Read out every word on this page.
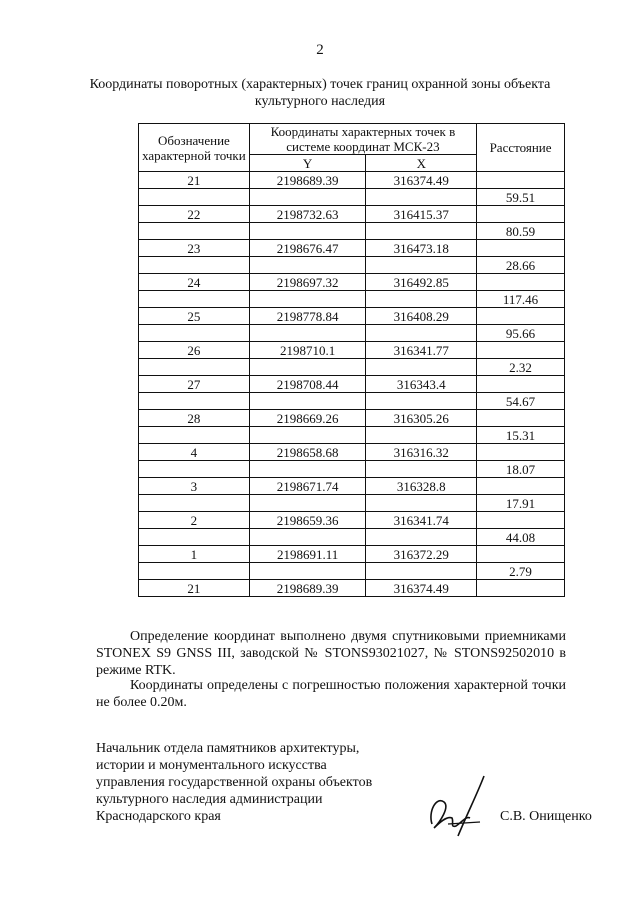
2
Координаты поворотных (характерных) точек границ охранной зоны объекта
культурного наследия
Обозначение характерной точки	Координаты характерных точек в системе координат МСК-23		Расстояние
	Y	X	
21	2198689.39	316374.49	
			59.51
22	2198732.63	316415.37	
			80.59
23	2198676.47	316473.18	
			28.66
24	2198697.32	316492.85	
			117.46
25	2198778.84	316408.29	
			95.66
26	2198710.1	316341.77	
			2.32
27	2198708.44	316343.4	
			54.67
28	2198669.26	316305.26	
			15.31
4	2198658.68	316316.32	
			18.07
3	2198671.74	316328.8	
			17.91
2	2198659.36	316341.74	
			44.08
1	2198691.11	316372.29	
			2.79
21	2198689.39	316374.49	
Определение координат выполнено двумя спутниковыми приемниками STONEX S9 GNSS III, заводской № STONS93021027, № STONS92502010 в режиме RTK.
Координаты определены с погрешностью положения характерной точки не более 0.20м.
Начальник отдела памятников архитектуры,
истории и монументального искусства
управления государственной охраны объектов
культурного наследия администрации
Краснодарского края	С.В. Онищенко
